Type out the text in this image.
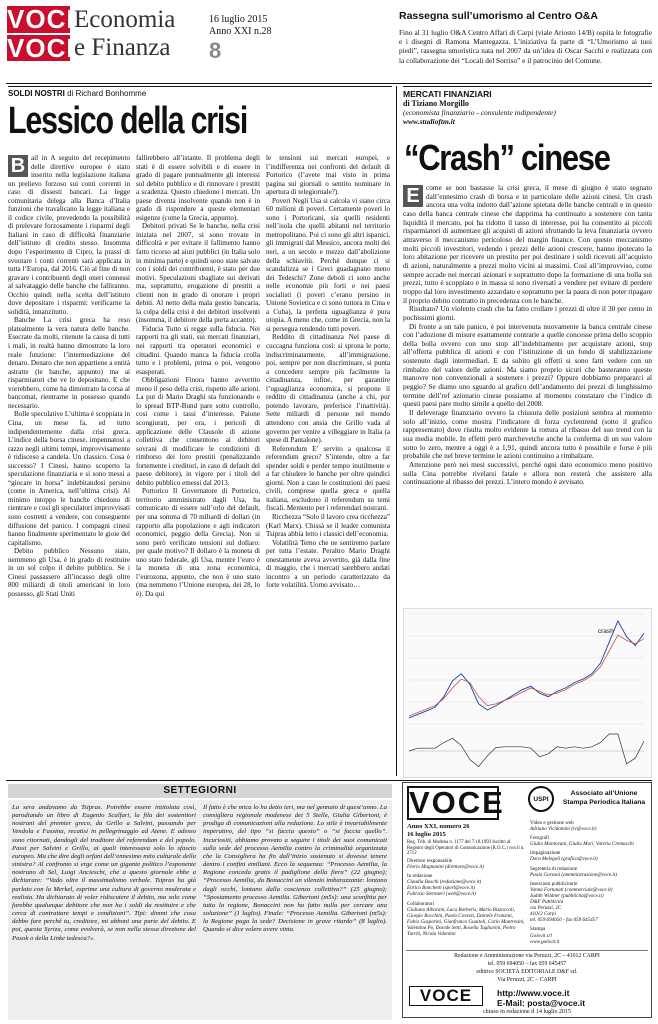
VOCE
VOCE
Economia
e Finanza
16 luglio 2015
Anno XXI n.28
8
Rassegna sull’umorismo al Centro O&A
Fino al 31 luglio O&A Centro Affari di Carpi (viale Ariosto 14/B) ospita le fotografie e i disegni di Ramona Mantegazza. L’iniziativa fa parte di “L’Umorismo ai tuoi piedi”, rassegna umoristica nata nel 2007 da un’idea di Oscar Sacchi e realizzata con la collaborazione dei “Locali del Sorriso” e il patrocinio del Comune.
SOLDI NOSTRI di Richard Bonhomme
Lessico della crisi
B ail in A seguito del recepimento delle direttive europee è stato inserito nella legislazione italiana un prelievo forzoso sui conti correnti in caso di dissesti bancari. La legge comunitaria delega alla Banca d’Italia funzioni che travalicano la legge italiana e il codice civile, prevedendo la possibilità di prelevare forzosamente i risparmi degli Italiani in caso di difficoltà finanziarie dell’istituto di credito stesso. Insomma dopo l’esperimento di Cipro, la prassi di svuotare i conti correnti sarà applicata in tutta l’Europa, dal 2016. Ciò al fine di non gravare i contribuenti degli oneri connessi al salvataggio delle banche che falliranno. Occhio quindi nella scelta dell’istituto dove depositare i risparmi: verificarne la solidità, innanzitutto.

Banche La crisi greca ha reso platealmente la vera natura delle banche. Esecrate da molti, ritenute la causa di tutti i mali, in realtà hanno dimostrato la loro reale funzione: l’intermediazione del denaro. Denaro che non appartiene a entità astratte (le banche, appunto) ma ai risparmiatori che ve lo depositano. E che vorrebbero, come ha dimostrato la corsa al bancomat, rientrarne in possesso quando necessario.

Bolle speculative L’ultima è scoppiata in Cina, un mese fa, ed tutto indipendentemente dalla crisi greca. L’indice della borsa cinese, impennatosi a razzo negli ultimi tempi, improvvisamente è ridisceso a candela. Un classico. Cosa è successo? I Cinesi, hanno scoperto la speculazione finanziaria e si sono messi a “giocare in borsa” indebitandosi persino (come in America, nell’ultima crisi). Al minimo intoppo le banche chiedono di rientrare e così gli speculatori improvvisati sono costretti a vendere, con conseguente diffusione del panico. I compagni cinesi hanno finalmente sperimentato le gioie del capitalismo.

Debito pubblico Nessuno stato, nemmeno gli Usa, è in grado di restituire in un sol colpo il debito pubblico. Se i Cinesi passassero all’incasso degli oltre 800 miliardi di titoli americani in loro possesso, gli Stati Uniti

fallirebbero all’istante. Il problema degli stati è di essere solvibili e di essere in grado di pagare puntualmente gli interessi sul debito pubblico e di rinnovare i prestiti a scadenza. Questo chiedono i mercati. Un paese diventa insolvente quando non è in grado di rispondere a queste elementari esigenze (come la Grecia, appunto).

Debitori privati Se le banche, nella crisi iniziata nel 2007, si sono trovate in difficoltà e per evitare il fallimento hanno fatto ricorso ad aiuti pubblici (in Italia solo in minima parte) e quindi sono state salvate con i soldi dei contribuenti, è stato per due motivi. Speculazioni sbagliate sui derivati ma, soprattutto, erogazione di prestiti a clienti non in grado di onorare i propri debiti. Al netto della mala gestio bancaria, la colpa della crisi è dei debitori insolventi (insomma, il debitore della porta accanto).

Fiducia Tutto si regge sulla fiducia. Nei rapporti tra gli stati, sui mercati finanziari, nei rapporti tra operatori economici e cittadini. Quando manca la fiducia crolla tutto e i problemi, prima o poi, vengono esasperati.

Obbligazioni Finora hanno avvertito meno il peso della crisi, rispetto alle azioni. La put di Mario Draghi sta funzionando e lo spread BTP-Bund pare sotto controllo, così come i tassi d’interesse. Paione scongiurati, per ora, i pericoli di applicazione delle Clausole di azione collettiva che consentono ai debitori sovrani di modificare le condizioni di rimborso dei loro prestiti (penalizzando fortemente i creditori, in caso di default del paese debitore), in vigore per i titoli del debito pubblico emessi dal 2013.

Portorico Il Governatore di Portorico, territorio amministrato dagli Usa, ha comunicato di essere sull’orlo del default, per una somma di 70 miliardi di dollari (in rapporto alla popolazione e agli indicatori economici, peggio della Grecia). Non si sono però verificate tensioni sul dollaro: per quale motivo? Il dollaro è la moneta di uno stato federale, gli Usa, mentre l’euro è la moneta di una zona economica, l’eurozona, appunto, che non è uno stato (ma nemmeno l’Unione europea, dei 28, lo è). Da qui

le tensioni sui mercati europei, e l’indifferenza nei confronti del default di Portorico (l’avete mai visto in prima pagina sui giornali o sentito nominare in apertura di telegiornale?).

Poveri Negli Usa si calcola vi siano circa 60 milioni di poveri. Certamente poveri lo sono i Portoricani, sia quelli residenti nell’isola che quelli abitanti nel territorio metropolitano. Poi ci sono gli altri ispanici, gli immigrati dal Messico, ancora molti dei neri, a un secolo e mezzo dall’abolizione della schiavitù. Perché dunque ci si scandalizza se i Greci guadagnano meno dei Tedeschi? Zone deboli ci sono anche nelle economie più forti e nei paesi socialisti (i poveri c’erano persino in Unione Sovietica e ci sono tuttora in Cina e a Cuba), la perfetta uguaglianza è pura utopia. A meno che, come in Grecia, non la si persegua rendendo tutti poveri.

Reddito di cittadinanza Nel paese di cuccagna funziona così: si sprona le porte, indiscriminatamente, all’immigrazione, poi, sempre per non discriminare, si punta a concedere sempre più facilmente la cittadinanza, infine, per garantire l’uguaglianza economica, si propone il reddito di cittadinanza (anche a chi, pur potendo lavorare, preferisce l’inattività). Sette miliardi di persone nel mondo attendono con ansia che Grillo vada al governo per venire a villeggiare in Italia (a spese di Pantalone).

Referendum E’ servito a qualcosa il referendum greco? S’intende, oltre a far spender soldi e perder tempo inutilmente e a far chiudere le banche per oltre quindici giorni. Non a caso le costituzioni dei paesi civili, comprese quella greca e quella italiana, escludono il referendum su temi fiscali. Memento per i referendari nostrani.

Ricchezza “Solo il lavoro crea ricchezza” (Karl Marx). Chissà se il leader comunista Tsipras abbia letto i classici dell’economia.

Volatilità Temo che ne sentiremo parlare per tutta l’estate. Peraltro Mario Draghi onestamente aveva avvertito, già dalla fine di maggio, che i mercati sarebbero andati incontro a un periodo caratterizzato da forte volatilità. Uomo avvisato…

MERCATI FINANZIARI
di Tiziano Morgillo
(economista finanziario - consulente indipendente)
www.studioftm.it
“Crash” cinese
E come se non bastasse la crisi greca, il mese di giugno è stato segnato dall’ennesimo crash di borsa e in particolare delle azioni cinesi. Un crash ancora una volta indotto dall’azione spietata delle banche centrali e in questo caso della banca centrale cinese che dapprima ha continuato a sostenere con tanta liquidità il mercato, poi ha ridotto il tasso di interesse, poi ha consentito ai piccoli risparmiatori di aumentare gli acquisti di azioni sfruttando la leva finanziaria ovvero attraverso il meccanismo pericoloso del margin finance. Con questo meccanismo molti piccoli investitori, vedendo i prezzi delle azioni crescere, hanno ipotecato la loro abitazione per ricevere un prestito per poi destinare i soldi ricevuti all’acquisto di azioni, naturalmente a prezzi molto vicini ai massimi. Così all’improvviso, come sempre accade nei mercati azionari e soprattutto dopo la formazione di una bolla sui prezzi, tutto è scoppiato e in massa si sono riversati a vendere per evitare di perdere troppo dal loro investimento azzardato e soprattutto per la paura di non poter ripagare il proprio debito contratto in precedenza con le banche.

Risultato? Un violento crash che ha fatto crollare i prezzi di oltre il 30 per cento in pochissimi giorni.

Di fronte a un tale panico, è poi intervenuta nuovamente la banca centrale cinese con l’adozione di misure esattamente contrarie a quelle concesse prima dello scoppio della bolla ovvero con uno stop all’indebitamento per acquistare azioni, stop all’offerta pubblica di azioni e con l’istituzione di un fondo di stabilizzazione sostenuto dagli intermediari. E da subito gli effetti si sono fatti vedere con un rimbalzo del valore delle azioni. Ma siamo proprio sicuri che basteranno queste manovre non convenzionali a sostenere i prezzi? Oppure dobbiamo prepararci al peggio? Se diamo uno sguardo al grafico dell’andamento dei prezzi di lunghissimo termine dell’ref azionario cinese possiamo al momento constatare che l’indice di questi paesi pare molto simile a quello del 2008.

Il deleverage finanziario ovvero la chiusura delle posizioni sembra al momento solo all’inizio, come mostra l’indicatore di forza cyclentrend (sotto il grafico rappresentato) dove risulta molto evidente la rottura al ribasso del suo trend con la sua media mobile. In effetti però marchevetche anche la conferma di un suo valore sotto lo zero, mentre a oggi è a 1,91, quindi ancora tutto è possibile e forse è più probabile che nel breve termine le azioni continuino a rimbalzare.

Attenzione però nei mesi successivi, perché ogni dato economico meno positivo sulla Cina potrebbe rivelarsi fatale e allora non resterà che assistere alla continuazione al ribasso dei prezzi. L’intero mondo è avvisato.

crash
SETTEGIORNI
La sera andavamo da Tsipras. Potrebbe essere intitolata così, parodiando un libro di Eugenio Scalfari, la fila dei sostenitori nostrani del premier greco, da Grillo a Salvini, passando per Vendola e Fassina, recatisi in pellegrinaggio ad Atene. E adesso sono ritornati, dandogli del traditore del referendum e del popolo. Passi per Salvini e Grillo, ai quali interessava solo lo sfascio europeo. Ma che dire degli orfani dell’ennesimo mito culturale della sinistra? Al confronto si erge come un gigante politico l’esponente nostrano di Sel, Luigi Ancieschi, che a questo giornale ebbe a dichiarare: “Vado oltre il massimalismo verbale. Tsipras ha già parlato con la Merkel, esprime una cultura di governo moderata e realista. Ha dichiarato di voler ridiscutere il debito, ma solo come farebbe qualunque debitore che non ha i soldi da restituire e che cerca di contrattare tempi e condizioni”. Tipi: dimmi che cosa debbo fare perché tu, creditore, mi abboni una parte del debito. E poi, questa Syriza, come evolverà, se non nella stessa direzione del Pasok o della Linke tedesca?».
Il fatto è che mica lo ha detto ieri, ma nel gennaio di quest’anno. La consigliera regionale modenese dei 5 Stelle, Giulia Gibertoni, è prodiga di comunicazioni alla redazione. Lo stile è invariabilmente imperativo, del tipo “si faccia questo” o “si faccia quello”. Incuriositi, abbiamo provato a seguire i titoli dei suoi comunicati sulla sede del processo Aemilia contro la criminalità organizzata che la Consigliera ha fin dall’inizio sostenuto si dovesse tenere dentro i confini emiliani. Ecco la sequenza: “Processo Aemilia, la Regione conceda gratis il padiglione della fiera” (22 giugno); “Processo Aemilia, da Bonaccini un silenzio imbarazzante: lontano dagli occhi, lontano dalla coscienza collettiva?” (25 giugno); “Spostamento processo Aemilia. Gibertoni (m5s): una sconfitta per tutta la regione, Bonaccini non ha fatto nulla per cercare una soluzione” (1 luglio). Finale: “Processo Aemilia. Gibertoni (m5s): la Regione paga la sede? Decisione in grave ritardo” (8 luglio). Quando si dice volere avere vinta.
VOCE	USPI
Associato all’Unione
Stampa Periodica Italiana
Anno XXI, numero 26
16 luglio 2015
Reg. Trib. di Modena n. 1177 del 7.10.1993 Iscritto al Registro degli Operatori di Comunicazione (R.O.C.) con il n. 2712
Direttore responsabile
Florio Magnanini (direttore@voce.it)
In redazione
Claudia Boschi (redazione@voce.it)
Enrico Bonchetti (sport@voce.it)
Fabrizio Stermieri (web@voce.it)
Collaboratori
Giuliano Albarani, Luca Barberis, Mario Bizzoccoli, Giorgio Bocchini, Paolo Covezzi, Daniele Franzini, Fabio Gasparini, Gianfranco Guaitoli, Carlo Montresini, Valentina Po, Davide Setti, Rosella Tagliavini, Pietro Turchi, Nicola Valentini
Video e gestione web
Adriano Vicidomini (tv@voce.it)
Fotografi
Giulio Mantovani, Giulio Mori, Valeria Cremaschi
Impaginazione
Dora Melegoli (grafica@voce.it)
Segreteria di redazione
Paola Gorzoni (amministrazione@voce.it)
Inserzioni pubblicitarie
Vanna Fortunati (commerciale@voce.it)
Judith Wildner (pubblicita@voce.it)
D&F Pubblicità
via Peruzzi, 2C
41012 Carpi
tel. 059 694050 - fax 059 645457
Stampa
Golovit srl
www.golovit.it
Redazione e Amministrazione via Peruzzi, 2C – 41012 CARPI
tel. 059 694050 – fax 059 645457
editrice SOCIETÀ EDITORIALE D&F srl.
Via Peruzzi, 2C – CARPI
VOCE	http://www.voce.it
E-Mail: posta@voce.it
chiuso in redazione il 14 luglio 2015
